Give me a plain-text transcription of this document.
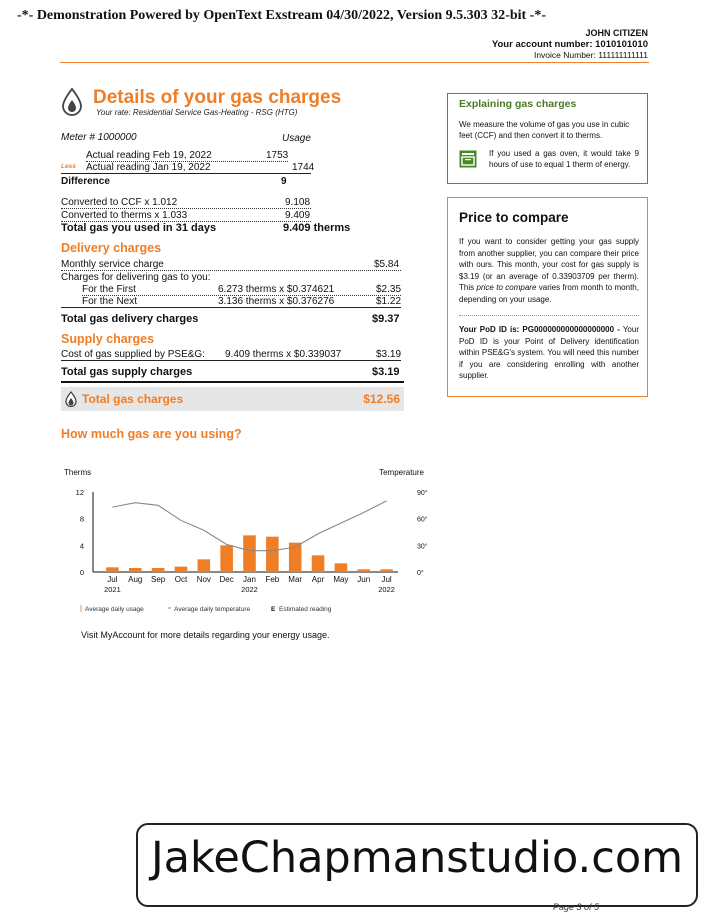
-*- Demonstration Powered by OpenText Exstream 04/30/2022, Version 9.5.303 32-bit -*-
JOHN CITIZEN
Your account number: 1010101010
Invoice Number: 111111111111
Details of your gas charges
Your rate: Residential Service Gas-Heating - RSG (HTG)
Meter # 1000000	Usage
Actual reading Feb 19, 2022	1753
Less Actual reading Jan 19, 2022	1744
Difference	9
Converted to CCF x 1.012	9.108
Converted to therms x 1.033	9.409
Total gas you used in 31 days	9.409 therms
Delivery charges
Monthly service charge	$5.84
Charges for delivering gas to you:
For the First	6.273 therms x $0.374621	$2.35
For the Next	3.136 therms x $0.376276	$1.22
Total gas delivery charges	$9.37
Supply charges
Cost of gas supplied by PSE&G: 9.409 therms x $0.339037	$3.19
Total gas supply charges	$3.19
Total gas charges	$12.56
How much gas are you using?
Explaining gas charges
We measure the volume of gas you use in cubic feet (CCF) and then convert it to therms.
If you used a gas oven, it would take 9 hours of use to equal 1 therm of energy.
Price to compare
If you want to consider getting your gas supply from another supplier, you can compare their price with ours. This month, your cost for gas supply is $3.19 (or an average of 0.33903709 per therm). This price to compare varies from month to month, depending on your usage.
Your PoD ID is: PG000000000000000000 - Your PoD ID is your Point of Delivery identification within PSE&G's system. You will need this number if you are considering enrolling with another supplier.
Therms	Temperature
0
4
8
12
0°
30°
60°
90°
Jul Aug Sep Oct Nov Dec Jan Feb Mar Apr May Jun Jul
2021	2022	2022
Average daily usage	Average daily temperature	E Estimated reading
Visit MyAccount for more details regarding your energy usage.
JakeChapmanstudio.com
Page 3 of 5
